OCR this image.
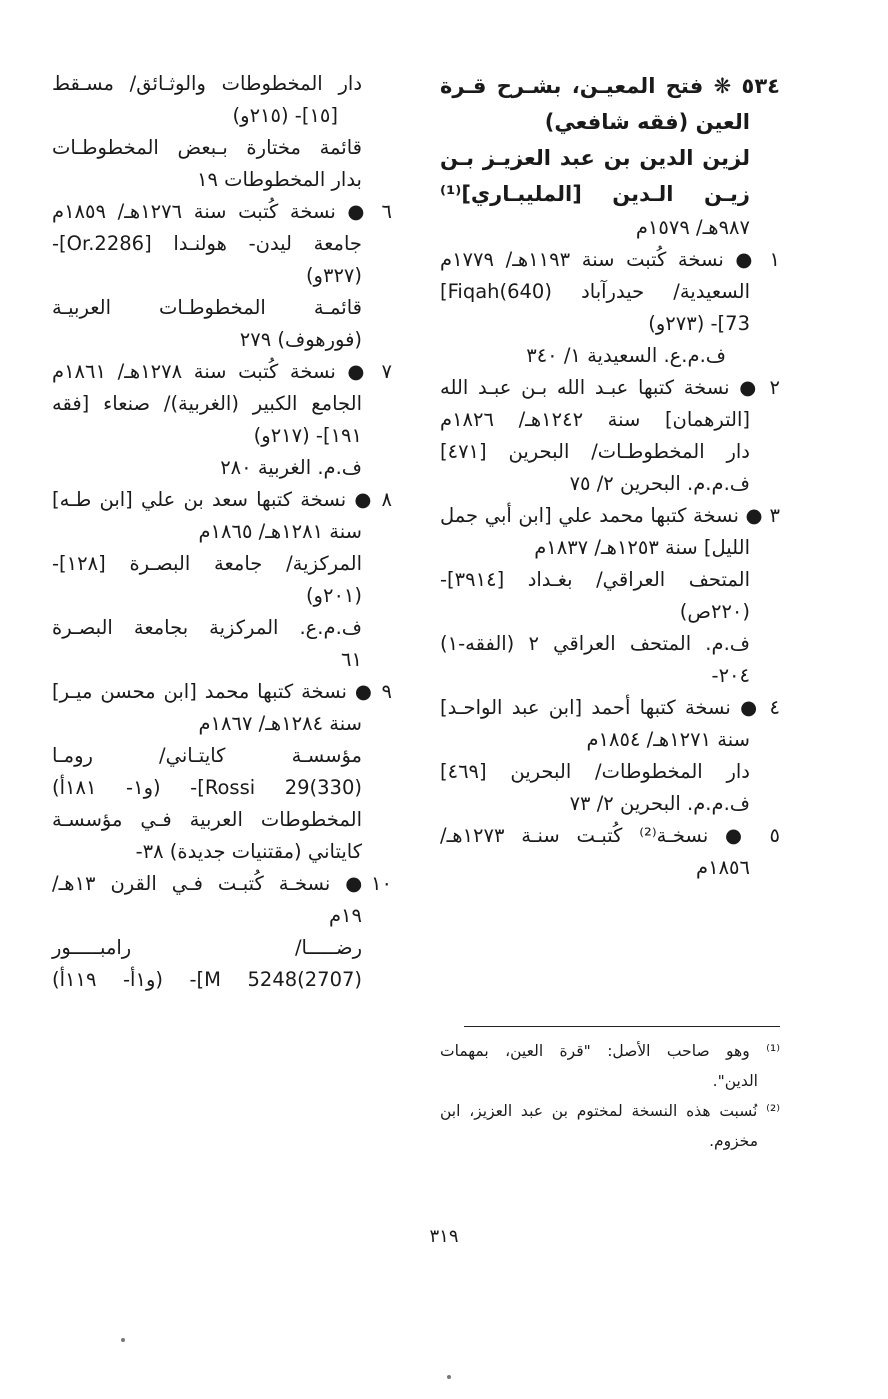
٥٣٤ ❋ فتح المعيـن، بشـرح قـرة
العين (فقه شافعي)
لزين الدين بن عبد العزيـز بـن
زيـن الـدين [المليبـاري]⁽¹⁾
٩٨٧هـ/ ١٥٧٩م
١ ● نسخة كُتبت سنة ١١٩٣هـ/ ١٧٧٩م
السعيدية/ حيدرآباد Fiqah(640)]
73]- (٢٧٣و)
ف.م.ع. السعيدية ١/ ٣٤٠
٢ ● نسخة كتبها عبـد الله بـن عبـد الله
[الترهمان] سنة ١٢٤٢هـ/ ١٨٢٦م
دار المخطوطـات/ البحرين [٤٧١]
ف.م.م. البحرين ٢/ ٧٥
٣ ● نسخة كتبها محمد علي [ابن أبي جمل
الليل] سنة ١٢٥٣هـ/ ١٨٣٧م
المتحف العراقي/ بغـداد [٣٩١٤]-
(٢٢٠ص)
ف.م. المتحف العراقي ٢ (الفقه-١)
٢٠٤-
٤ ● نسخة كتبها أحمد [ابن عبد الواحـد]
سنة ١٢٧١هـ/ ١٨٥٤م
دار المخطوطات/ البحرين [٤٦٩]
ف.م.م. البحرين ٢/ ٧٣
٥ ● نسخـة⁽²⁾ كُتبـت سنـة ١٢٧٣هـ/
١٨٥٦م
دار المخطوطات والوثـائق/ مسـقط
[١٥]- (٢١٥و)
قائمة مختارة بـبعض المخطوطـات
بدار المخطوطات ١٩
٦ ● نسخة كُتبت سنة ١٢٧٦هـ/ ١٨٥٩م
جامعة ليدن- هولنـدا [Or.2286]-
(٣٢٧و)
قائمـة المخطوطـات العربيـة
(فورهوف) ٢٧٩
٧ ● نسخة كُتبت سنة ١٢٧٨هـ/ ١٨٦١م
الجامع الكبير (الغربية)/ صنعاء [فقه
١٩١]- (٢١٧و)
ف.م. الغربية ٢٨٠
٨ ● نسخة كتبها سعد بن علي [ابن طـه]
سنة ١٢٨١هـ/ ١٨٦٥م
المركزية/ جامعة البصـرة [١٢٨]-
(٢٠١و)
ف.م.ع. المركزية بجامعة البصـرة
٦١
٩ ● نسخة كتبها محمد [ابن محسن ميـر]
سنة ١٢٨٤هـ/ ١٨٦٧م
مؤسسـة كايتـاني/ رومـا
Rossi 29(330)]- (و١- ١٨١أ)
المخطوطات العربية فـي مؤسسـة
كايتاني (مقتنيات جديدة) ٣٨-
١٠● نسخـة كُتبـت فـي القرن ١٣هـ/
١٩م
رضـــــا/ رامبـــــور
M 5248(2707)]- (و١أ- ١١٩أ)
⁽¹⁾ وهو صاحب الأصل: "قرة العين، بمهمات
الدين".
⁽²⁾ نُسبت هذه النسخة لمختوم بن عبد العزيز، ابن
مخزوم.
٣١٩
